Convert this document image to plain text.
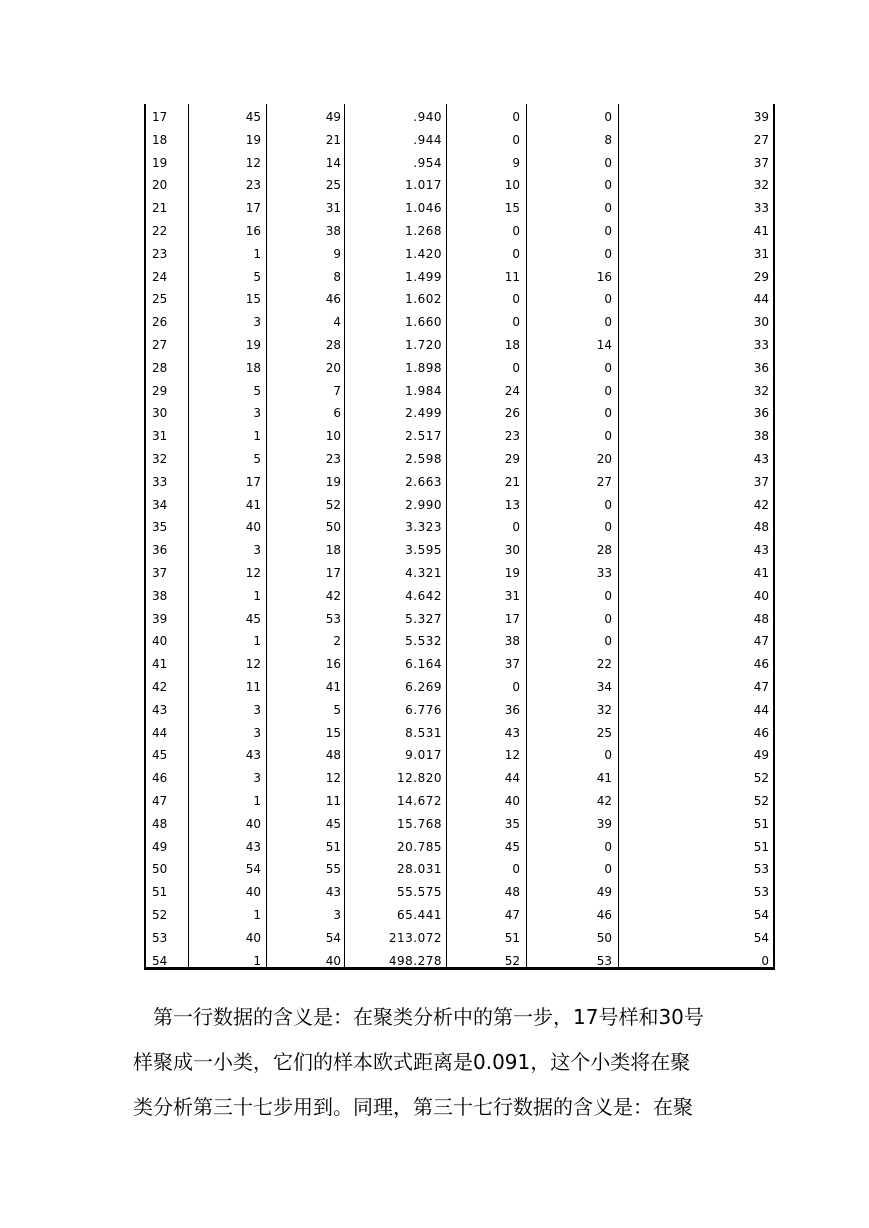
17	45	49	.940	0	0	39
18	19	21	.944	0	8	27
19	12	14	.954	9	0	37
20	23	25	1.017	10	0	32
21	17	31	1.046	15	0	33
22	16	38	1.268	0	0	41
23	1	9	1.420	0	0	31
24	5	8	1.499	11	16	29
25	15	46	1.602	0	0	44
26	3	4	1.660	0	0	30
27	19	28	1.720	18	14	33
28	18	20	1.898	0	0	36
29	5	7	1.984	24	0	32
30	3	6	2.499	26	0	36
31	1	10	2.517	23	0	38
32	5	23	2.598	29	20	43
33	17	19	2.663	21	27	37
34	41	52	2.990	13	0	42
35	40	50	3.323	0	0	48
36	3	18	3.595	30	28	43
37	12	17	4.321	19	33	41
38	1	42	4.642	31	0	40
39	45	53	5.327	17	0	48
40	1	2	5.532	38	0	47
41	12	16	6.164	37	22	46
42	11	41	6.269	0	34	47
43	3	5	6.776	36	32	44
44	3	15	8.531	43	25	46
45	43	48	9.017	12	0	49
46	3	12	12.820	44	41	52
47	1	11	14.672	40	42	52
48	40	45	15.768	35	39	51
49	43	51	20.785	45	0	51
50	54	55	28.031	0	0	53
51	40	43	55.575	48	49	53
52	1	3	65.441	47	46	54
53	40	54	213.072	51	50	54
54	1	40	498.278	52	53	0

　第一行数据的含义是：在聚类分析中的第一步，17号样和30号

样聚成一小类，它们的样本欧式距离是0.091，这个小类将在聚

类分析第三十七步用到。同理，第三十七行数据的含义是：在聚
